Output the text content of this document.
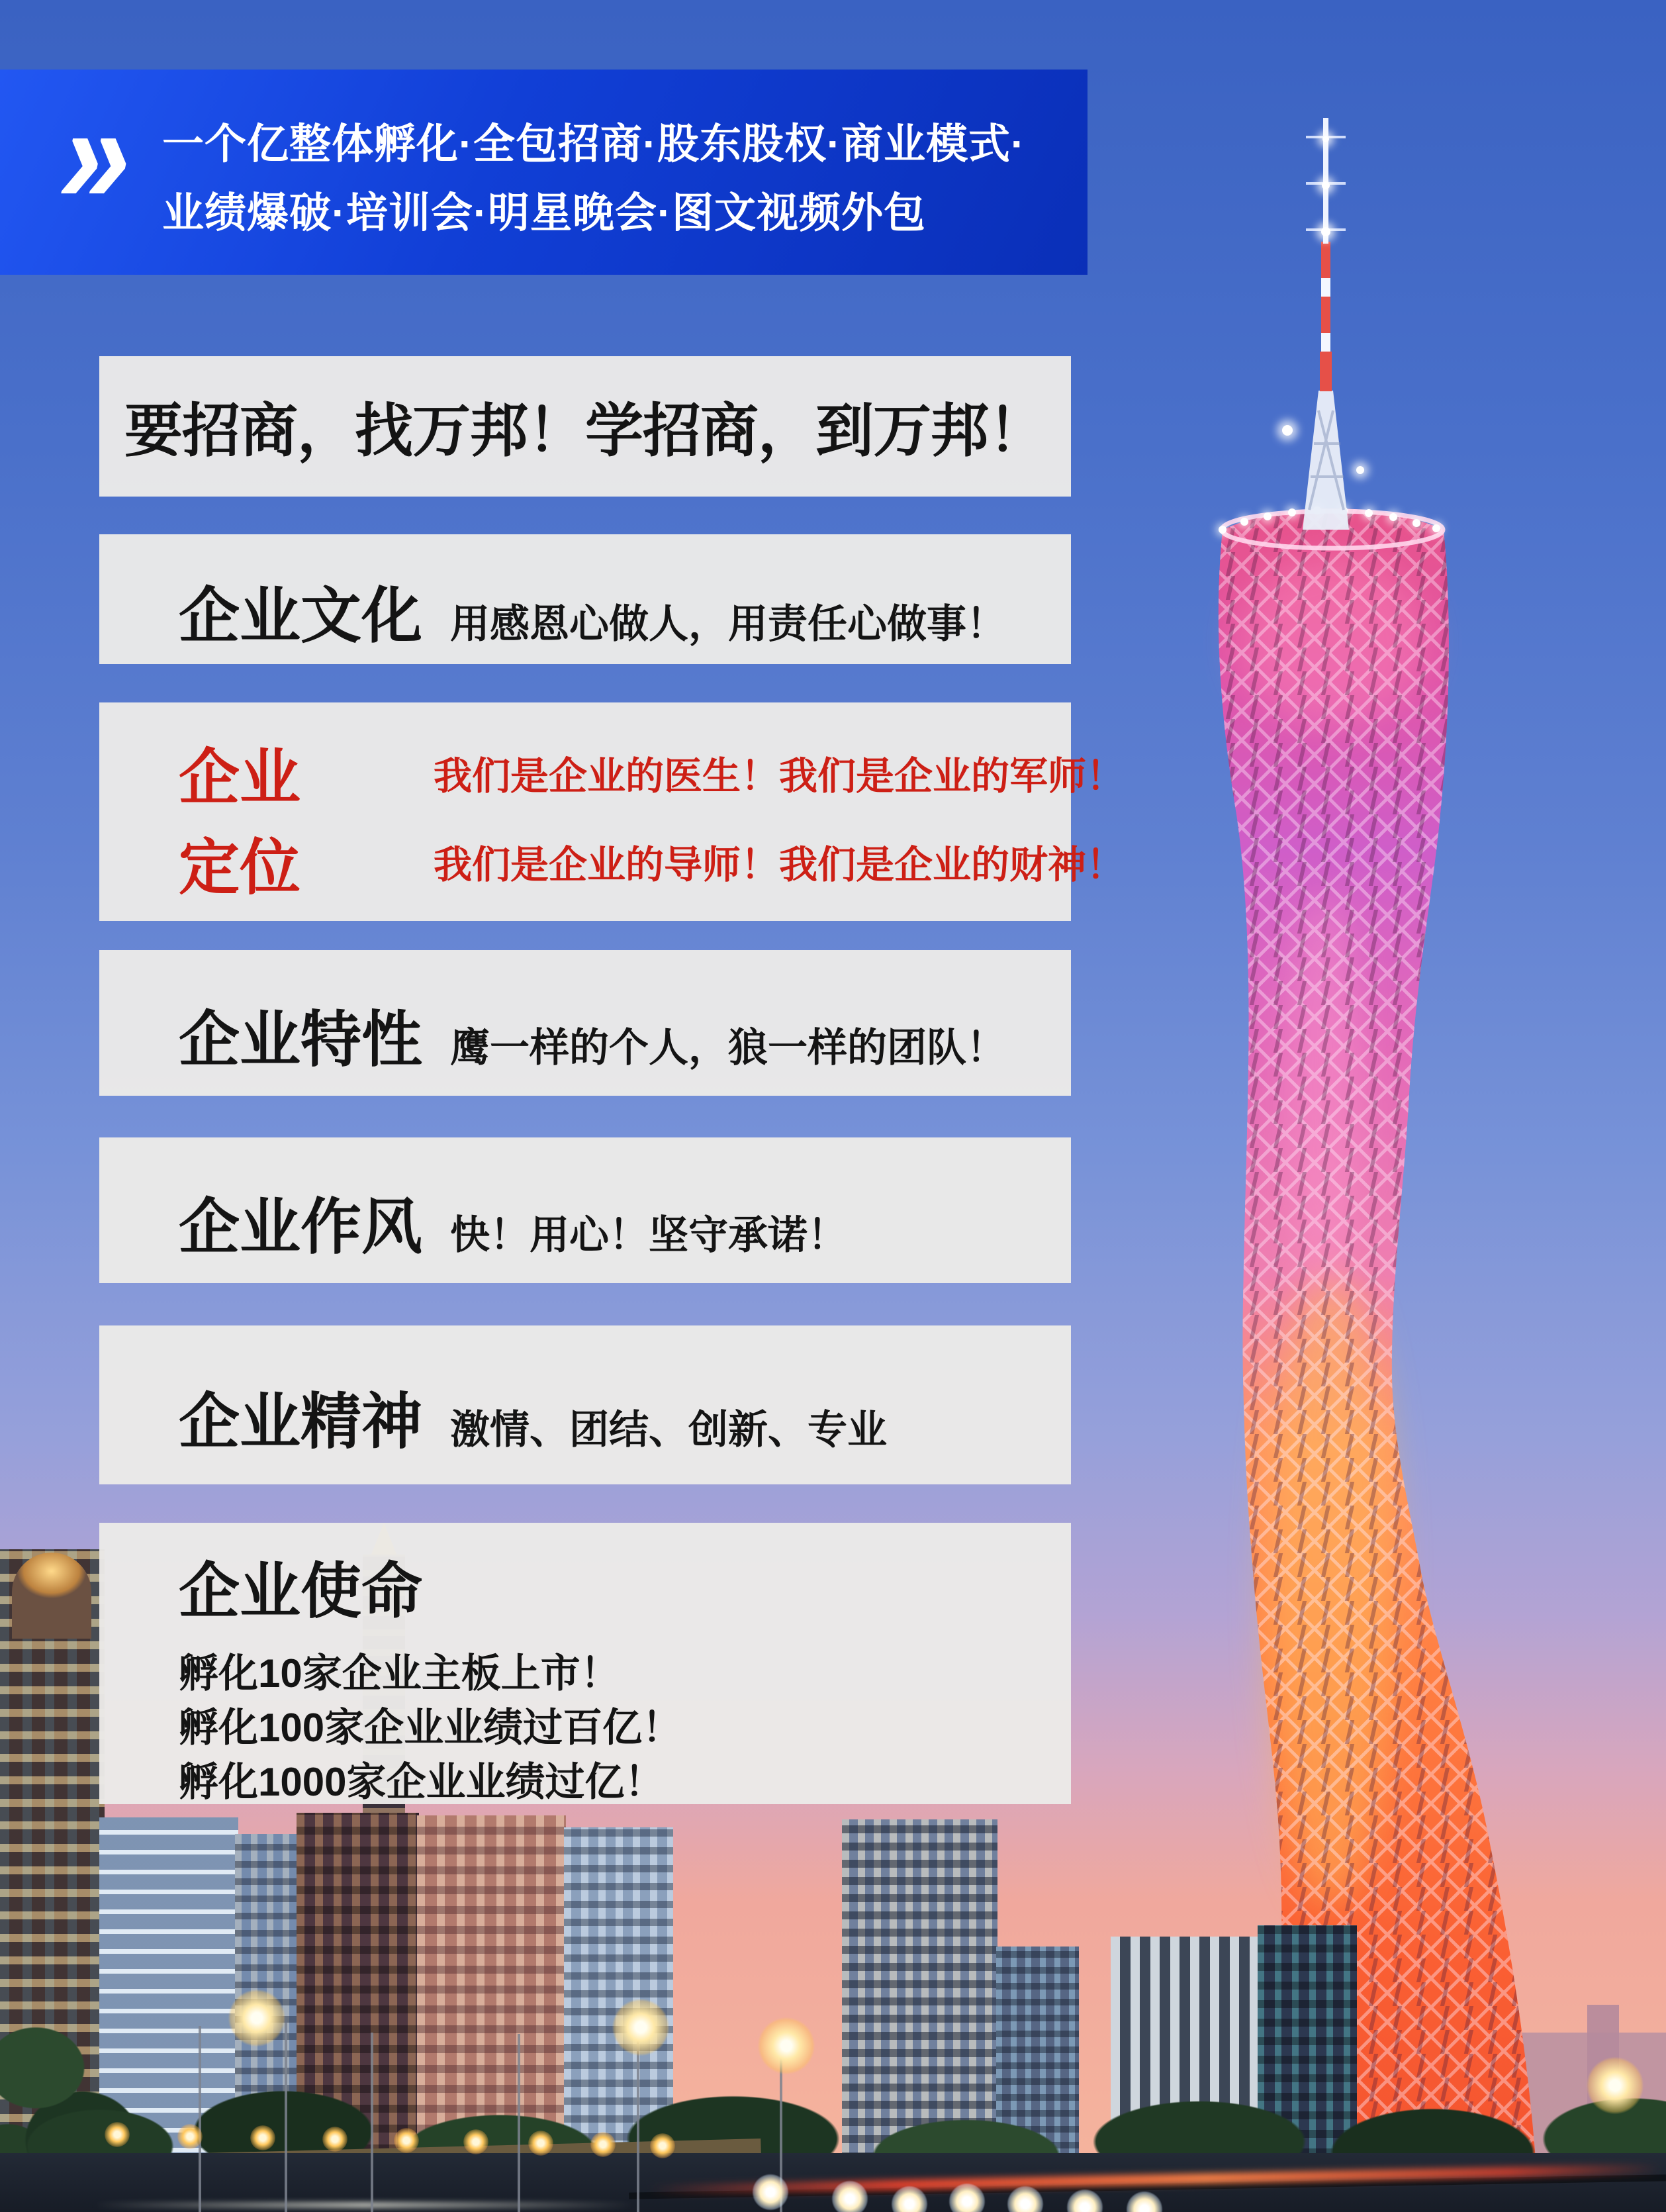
» 一个亿整体孵化·全包招商·股东股权·商业模式·
业绩爆破·培训会·明星晚会·图文视频外包
要招商，找万邦！学招商，到万邦！
企业文化 用感恩心做人，用责任心做事！
企业
定位
我们是企业的医生！我们是企业的军师！
我们是企业的导师！我们是企业的财神！
企业特性 鹰一样的个人，狼一样的团队！
企业作风 快！用心！坚守承诺！
企业精神 激情、团结、创新、专业
企业使命
孵化10家企业主板上市！
孵化100家企业业绩过百亿！
孵化1000家企业业绩过亿！
